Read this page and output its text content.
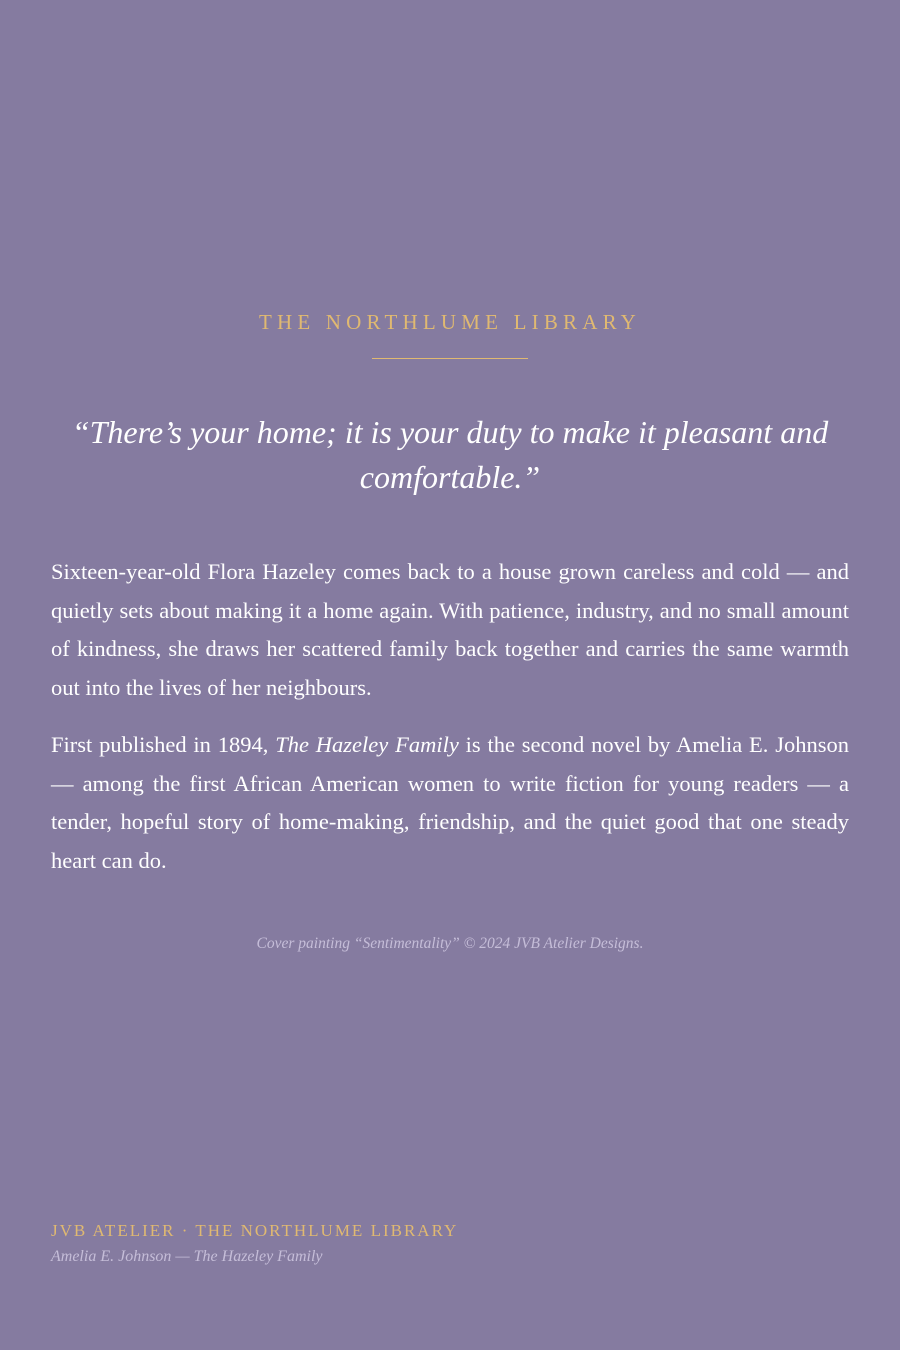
THE NORTHLUME LIBRARY
“There’s your home; it is your duty to make it pleasant and comfortable.”

Sixteen-year-old Flora Hazeley comes back to a house grown careless and cold — and quietly sets about making it a home again. With patience, industry, and no small amount of kindness, she draws her scattered family back together and carries the same warmth out into the lives of her neighbours.

First published in 1894, The Hazeley Family is the second novel by Amelia E. Johnson — among the first African American women to write fiction for young readers — a tender, hopeful story of home-making, friendship, and the quiet good that one steady heart can do.

Cover painting “Sentimentality” © 2024 JVB Atelier Designs.
JVB ATELIER · THE NORTHLUME LIBRARY
Amelia E. Johnson — The Hazeley Family
